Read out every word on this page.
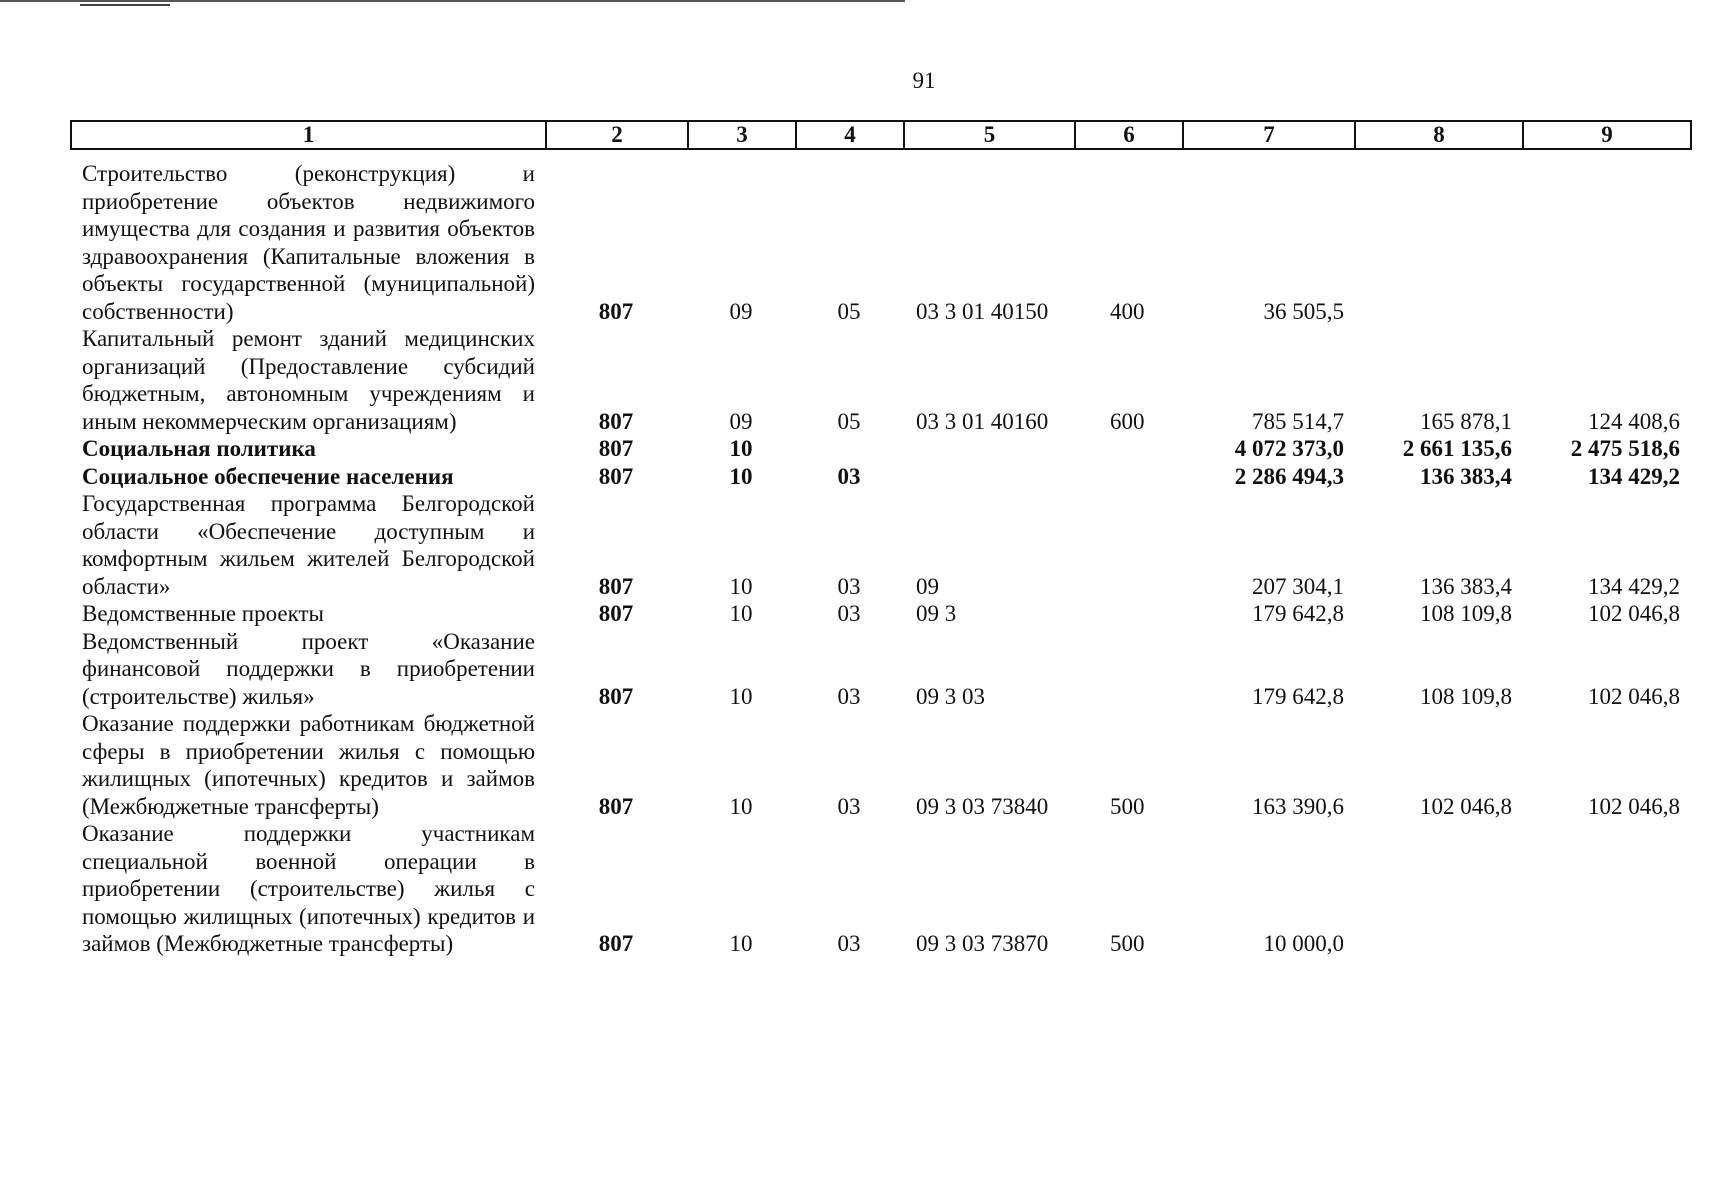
91
1	2	3	4	5	6	7	8	9
Строительство (реконструкция) и приобретение объектов недвижимого имущества для создания и развития объектов здравоохранения (Капитальные вложения в объекты государственной (муниципальной) собственности)	807	09	05	03 3 01 40150	400	36 505,5		
Капитальный ремонт зданий медицинских организаций (Предоставление субсидий бюджетным, автономным учреждениям и иным некоммерческим организациям)	807	09	05	03 3 01 40160	600	785 514,7	165 878,1	124 408,6
Социальная политика	807	10				4 072 373,0	2 661 135,6	2 475 518,6
Социальное обеспечение населения	807	10	03			2 286 494,3	136 383,4	134 429,2
Государственная программа Белгородской области «Обеспечение доступным и комфортным жильем жителей Белгородской области»	807	10	03	09		207 304,1	136 383,4	134 429,2
Ведомственные проекты	807	10	03	09 3		179 642,8	108 109,8	102 046,8
Ведомственный проект «Оказание финансовой поддержки в приобретении (строительстве) жилья»	807	10	03	09 3 03		179 642,8	108 109,8	102 046,8
Оказание поддержки работникам бюджетной сферы в приобретении жилья с помощью жилищных (ипотечных) кредитов и займов (Межбюджетные трансферты)	807	10	03	09 3 03 73840	500	163 390,6	102 046,8	102 046,8
Оказание поддержки участникам специальной военной операции в приобретении (строительстве) жилья с помощью жилищных (ипотечных) кредитов и займов (Межбюджетные трансферты)	807	10	03	09 3 03 73870	500	10 000,0		
